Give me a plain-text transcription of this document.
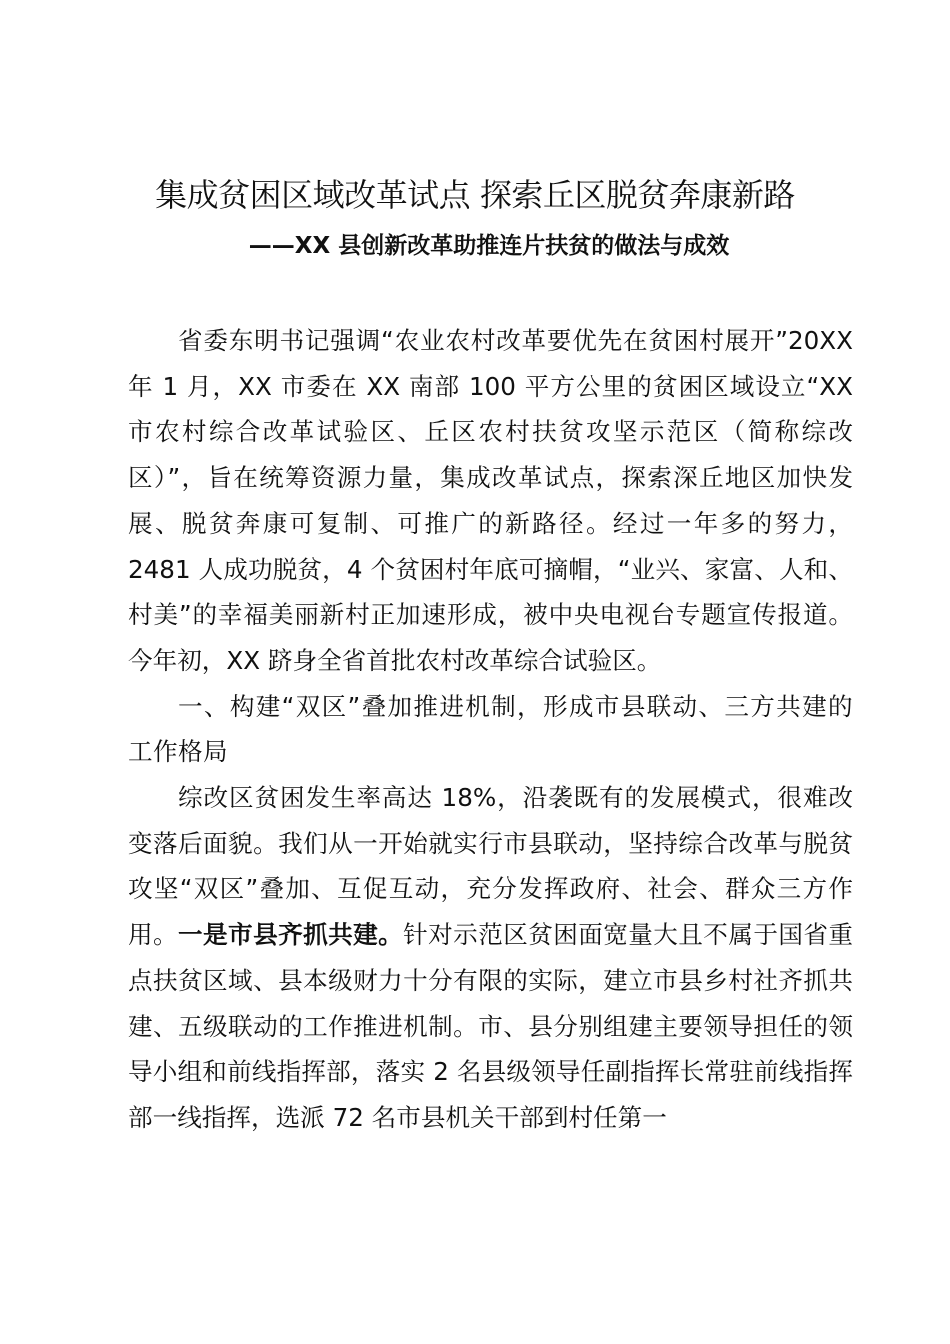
集成贫困区域改革试点 探索丘区脱贫奔康新路
——XX 县创新改革助推连片扶贫的做法与成效

省委东明书记强调“农业农村改革要优先在贫困村展开”20XX 年 1 月，XX 市委在 XX 南部 100 平方公里的贫困区域设立“XX 市农村综合改革试验区、丘区农村扶贫攻坚示范区（简称综改区）”，旨在统筹资源力量，集成改革试点，探索深丘地区加快发展、脱贫奔康可复制、可推广的新路径。经过一年多的努力，2481 人成功脱贫，4 个贫困村年底可摘帽，“业兴、家富、人和、村美”的幸福美丽新村正加速形成，被中央电视台专题宣传报道。今年初，XX 跻身全省首批农村改革综合试验区。

一、构建“双区”叠加推进机制，形成市县联动、三方共建的工作格局

综改区贫困发生率高达 18%，沿袭既有的发展模式，很难改变落后面貌。我们从一开始就实行市县联动，坚持综合改革与脱贫攻坚“双区”叠加、互促互动，充分发挥政府、社会、群众三方作用。一是市县齐抓共建。针对示范区贫困面宽量大且不属于国省重点扶贫区域、县本级财力十分有限的实际，建立市县乡村社齐抓共建、五级联动的工作推进机制。市、县分别组建主要领导担任的领导小组和前线指挥部，落实 2 名县级领导任副指挥长常驻前线指挥部一线指挥，选派 72 名市县机关干部到村任第一
